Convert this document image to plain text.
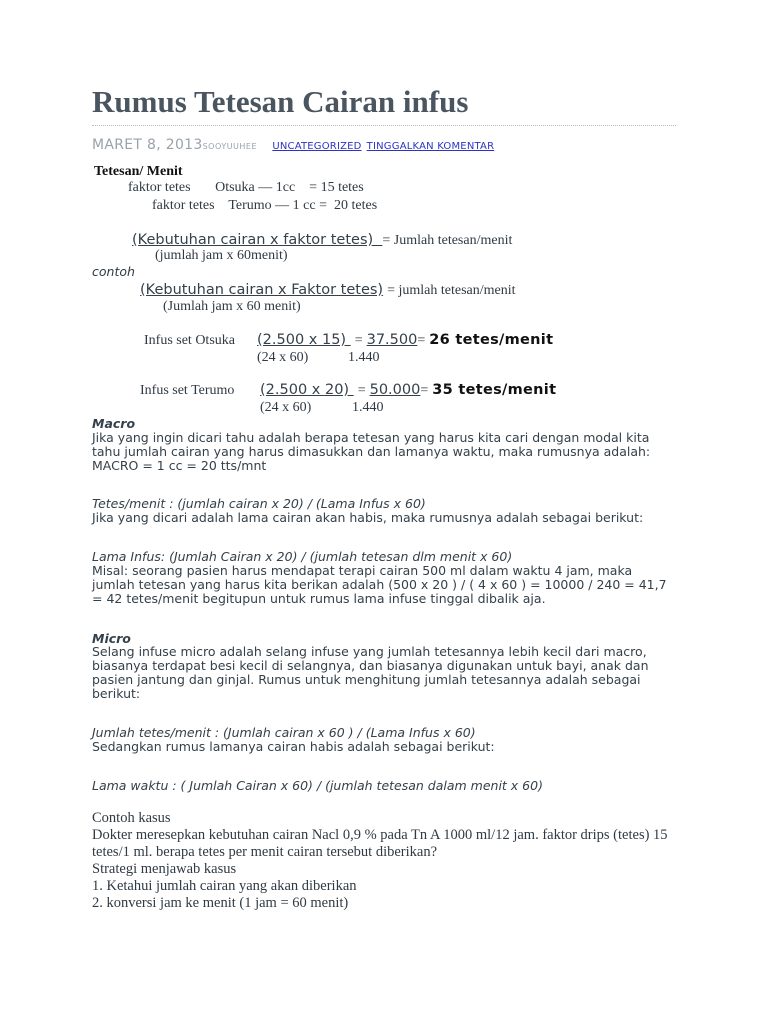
Rumus Tetesan Cairan infus
MARET 8, 2013SOOYUUHEE UNCATEGORIZED TINGGALKAN KOMENTAR
Tetesan/ Menit
faktor tetes       Otsuka — 1cc    = 15 tetes
faktor tetes    Terumo — 1 cc =  20 tetes
(Kebutuhan cairan x faktor tetes)  = Jumlah tetesan/menit
(jumlah jam x 60menit)
contoh
(Kebutuhan cairan x Faktor tetes) = jumlah tetesan/menit
(Jumlah jam x 60 menit)
Infus set Otsuka (2.500 x 15)  = 37.500= 26 tetes/menit
(24 x 60)	1.440
Infus set Terumo (2.500 x 20)  = 50.000= 35 tetes/menit
(24 x 60)	1.440
Macro
Jika yang ingin dicari tahu adalah berapa tetesan yang harus kita cari dengan modal kita tahu jumlah cairan yang harus dimasukkan dan lamanya waktu, maka rumusnya adalah: MACRO = 1 cc = 20 tts/mnt
Tetes/menit : (jumlah cairan x 20) / (Lama Infus x 60)
Jika yang dicari adalah lama cairan akan habis, maka rumusnya adalah sebagai berikut:
Lama Infus: (Jumlah Cairan x 20) / (jumlah tetesan dlm menit x 60)
Misal: seorang pasien harus mendapat terapi cairan 500 ml dalam waktu 4 jam, maka jumlah tetesan yang harus kita berikan adalah (500 x 20 ) / ( 4 x 60 ) = 10000 / 240 = 41,7 = 42 tetes/menit begitupun untuk rumus lama infuse tinggal dibalik aja.
Micro
Selang infuse micro adalah selang infuse yang jumlah tetesannya lebih kecil dari macro, biasanya terdapat besi kecil di selangnya, dan biasanya digunakan untuk bayi, anak dan pasien jantung dan ginjal. Rumus untuk menghitung jumlah tetesannya adalah sebagai berikut:
Jumlah tetes/menit : (Jumlah cairan x 60 ) / (Lama Infus x 60)
Sedangkan rumus lamanya cairan habis adalah sebagai berikut:
Lama waktu : ( Jumlah Cairan x 60) / (jumlah tetesan dalam menit x 60)
Contoh kasus
Dokter meresepkan kebutuhan cairan Nacl 0,9 % pada Tn A 1000 ml/12 jam. faktor drips (tetes) 15 tetes/1 ml. berapa tetes per menit cairan tersebut diberikan?
Strategi menjawab kasus
1. Ketahui jumlah cairan yang akan diberikan
2. konversi jam ke menit (1 jam = 60 menit)
